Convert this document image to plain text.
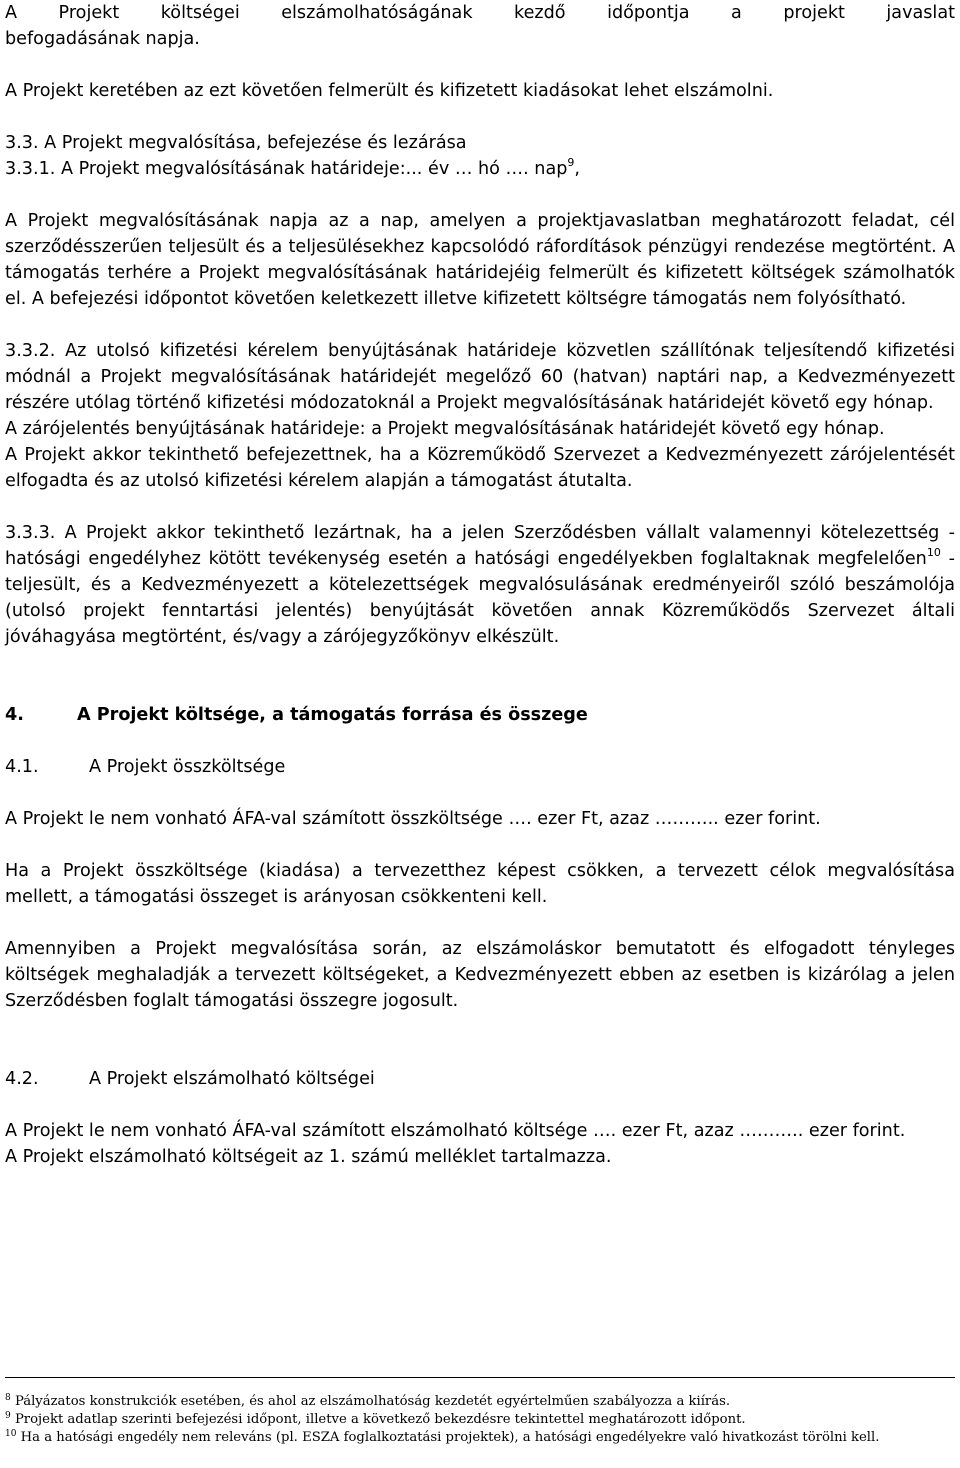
A Projekt költségei elszámolhatóságának kezdő időpontja a projekt javaslat

befogadásának napja.

A Projekt keretében az ezt követően felmerült és kifizetett kiadásokat lehet elszámolni.

3.3. A Projekt megvalósítása, befejezése és lezárása

3.3.1. A Projekt megvalósításának határideje:... év … hó …. nap$^9$,

A Projekt megvalósításának napja az a nap, amelyen a projektjavaslatban meghatározott feladat, cél szerződésszerűen teljesült és a teljesülésekhez kapcsolódó ráfordítások pénzügyi rendezése megtörtént. A támogatás terhére a Projekt megvalósításának határidejéig felmerült és kifizetett költségek számolhatók el. A befejezési időpontot követően keletkezett illetve kifizetett költségre támogatás nem folyósítható.

3.3.2. Az utolsó kifizetési kérelem benyújtásának határideje közvetlen szállítónak teljesítendő kifizetési módnál a Projekt megvalósításának határidejét megelőző 60 (hatvan) naptári nap, a Kedvezményezett részére utólag történő kifizetési módozatoknál a Projekt megvalósításának határidejét követő egy hónap.

A zárójelentés benyújtásának határideje: a Projekt megvalósításának határidejét követő egy hónap.

A Projekt akkor tekinthető befejezettnek, ha a Közreműködő Szervezet a Kedvezményezett zárójelentését elfogadta és az utolsó kifizetési kérelem alapján a támogatást átutalta.

3.3.3. A Projekt akkor tekinthető lezártnak, ha a jelen Szerződésben vállalt valamennyi kötelezettség - hatósági engedélyhez kötött tevékenység esetén a hatósági engedélyekben foglaltaknak megfelelően$^{10}$ - teljesült, és a Kedvezményezett a kötelezettségek megvalósulásának eredményeiről szóló beszámolója (utolsó projekt fenntartási jelentés) benyújtását követően annak Közreműködős Szervezet általi jóváhagyása megtörtént, és/vagy a zárójegyzőkönyv elkészült.

4.	A Projekt költsége, a támogatás forrása és összege

4.1.	A Projekt összköltsége

A Projekt le nem vonható ÁFA-val számított összköltsége …. ezer Ft, azaz ……….. ezer forint.

Ha a Projekt összköltsége (kiadása) a tervezetthez képest csökken, a tervezett célok megvalósítása mellett, a támogatási összeget is arányosan csökkenteni kell.

Amennyiben a Projekt megvalósítása során, az elszámoláskor bemutatott és elfogadott tényleges költségek meghaladják a tervezett költségeket, a Kedvezményezett ebben az esetben is kizárólag a jelen Szerződésben foglalt támogatási összegre jogosult.

4.2.	A Projekt elszámolható költségei

A Projekt le nem vonható ÁFA-val számított elszámolható költsége …. ezer Ft, azaz ……….. ezer forint.

A Projekt elszámolható költségeit az 1. számú melléklet tartalmazza.

$^8$ Pályázatos konstrukciók esetében, és ahol az elszámolhatóság kezdetét egyértelműen szabályozza a kiírás.

$^9$ Projekt adatlap szerinti befejezési időpont, illetve a következő bekezdésre tekintettel meghatározott időpont.

$^{10}$ Ha a hatósági engedély nem releváns (pl. ESZA foglalkoztatási projektek), a hatósági engedélyekre való hivatkozást törölni kell.
